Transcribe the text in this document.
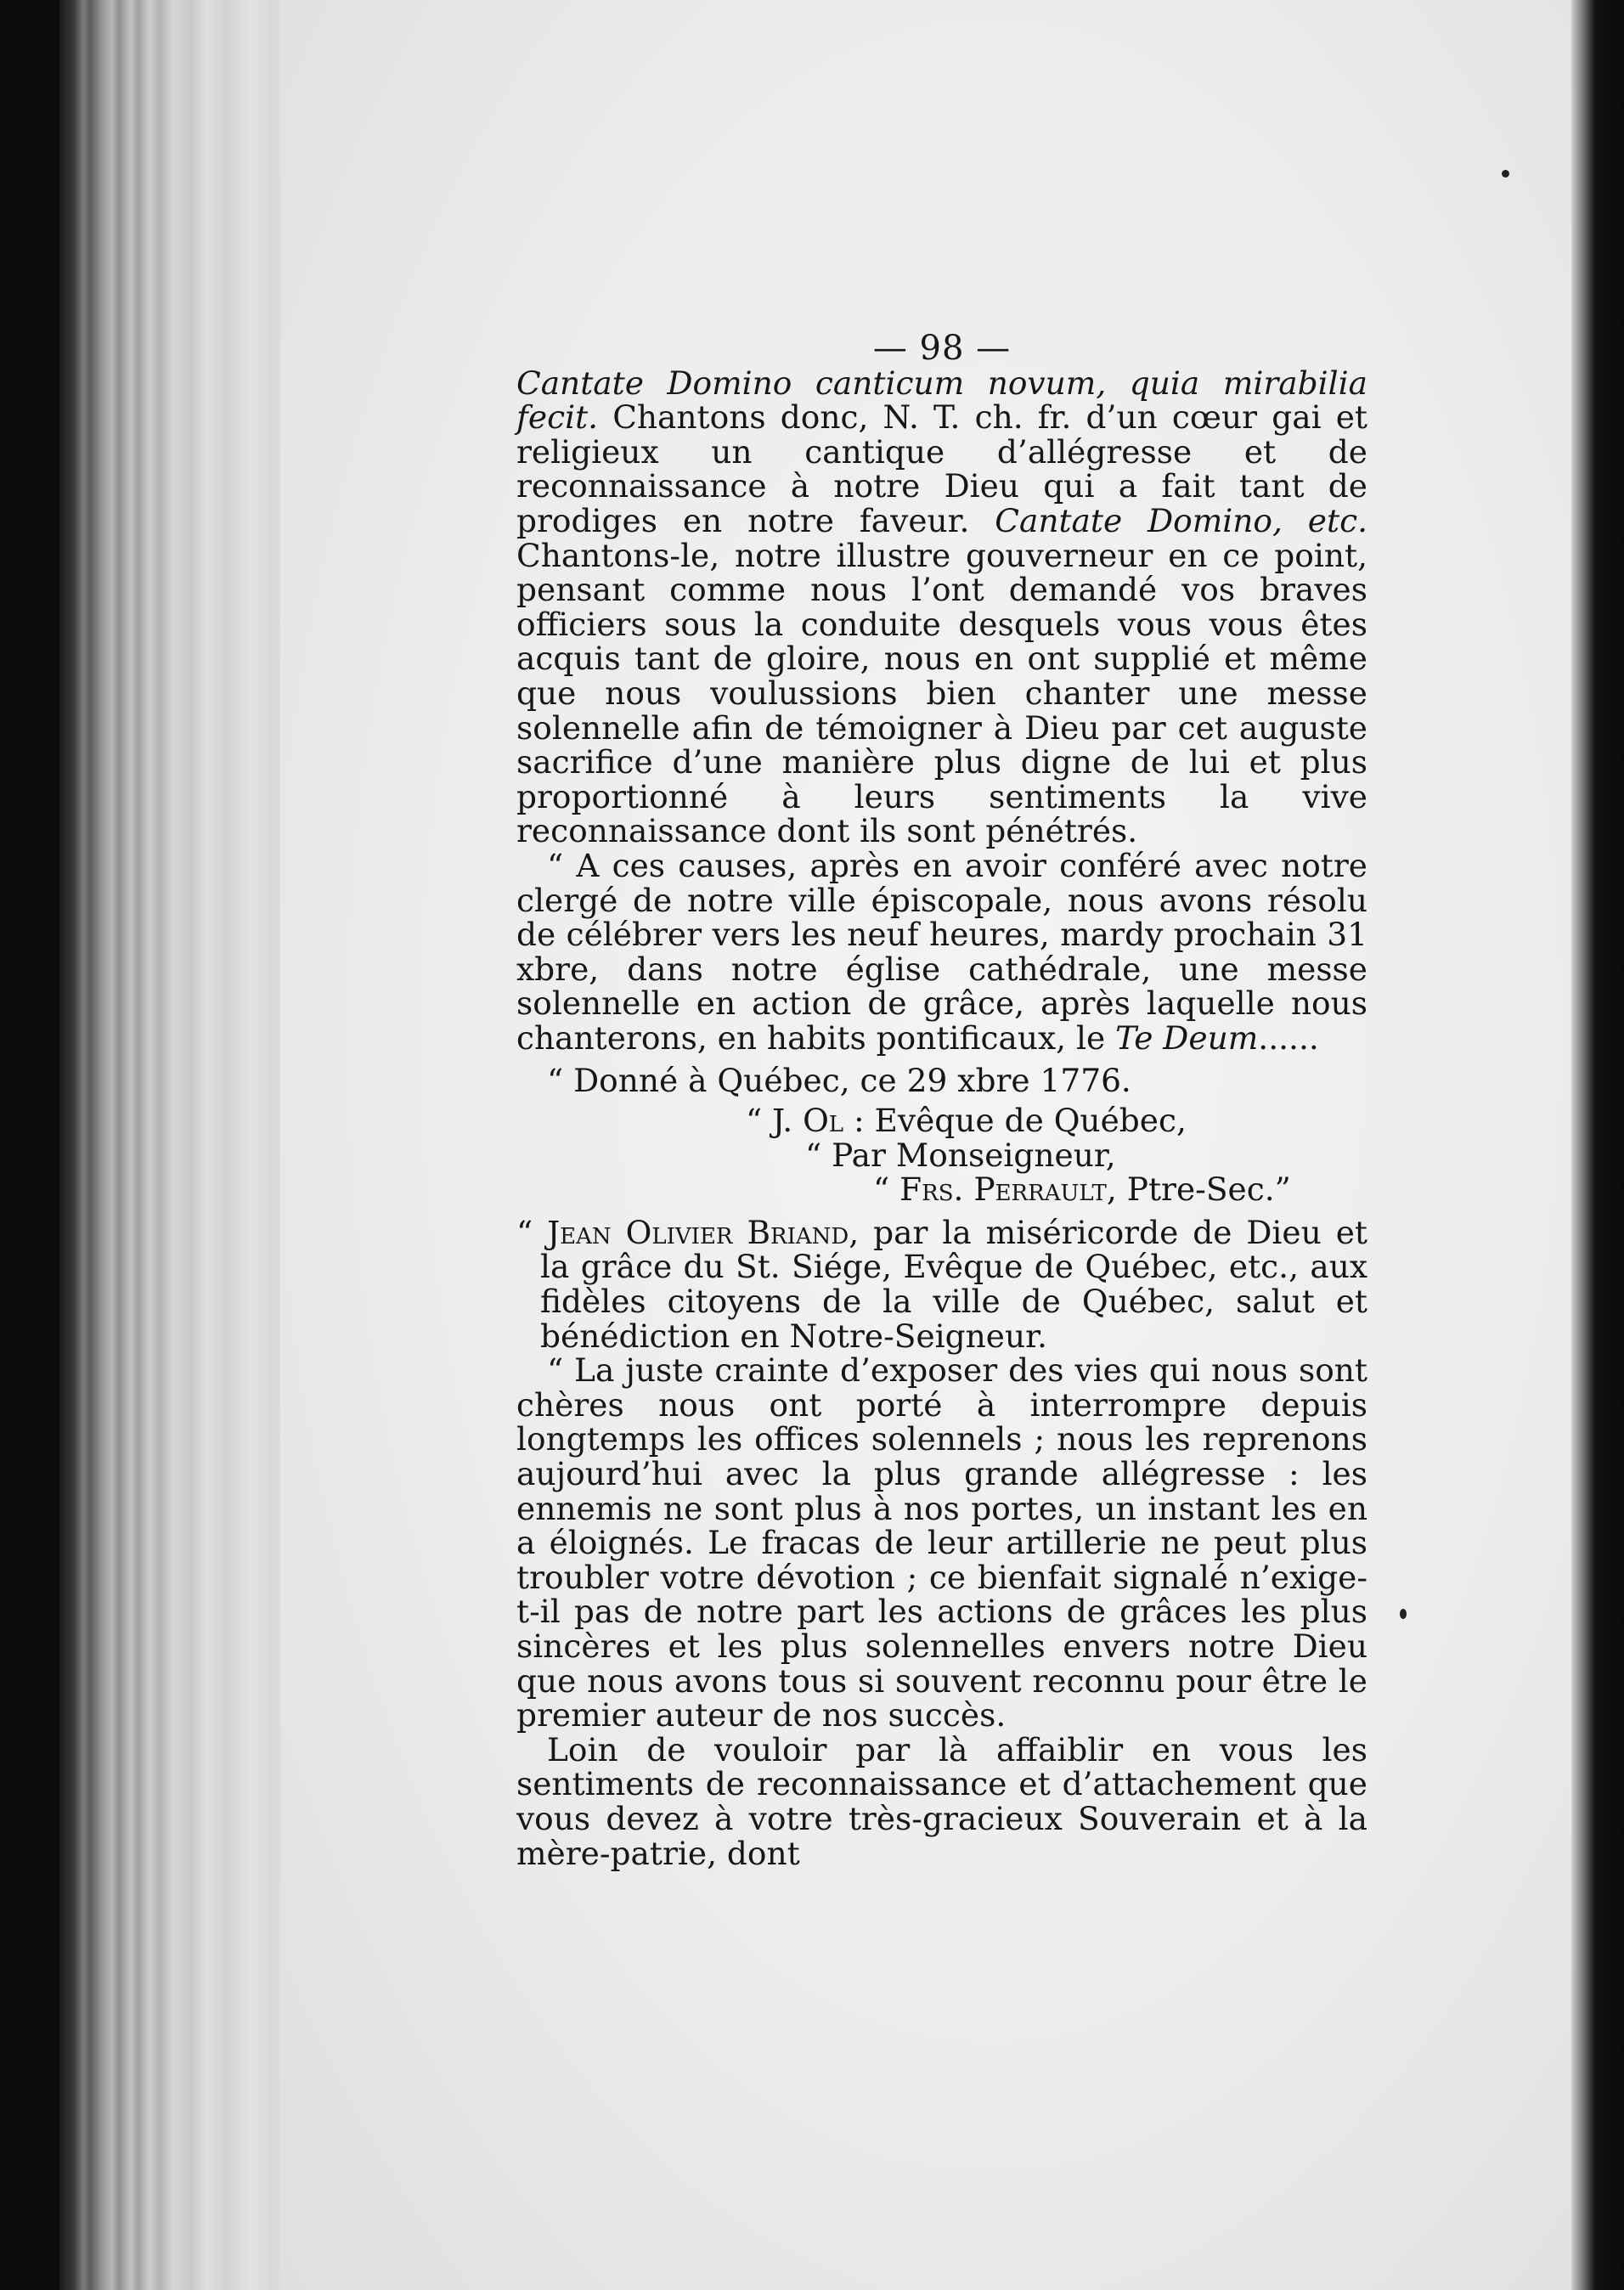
— 98 —

Cantate Domino canticum novum, quia mirabilia fecit. Chantons donc, N. T. ch. fr. d’un cœur gai et religieux un cantique d’allégresse et de reconnaissance à notre Dieu qui a fait tant de prodiges en notre faveur. Cantate Domino, etc. Chantons-le, notre illustre gouverneur en ce point, pensant comme nous l’ont demandé vos braves officiers sous la conduite desquels vous vous êtes acquis tant de gloire, nous en ont supplié et même que nous voulussions bien chanter une messe solennelle afin de témoigner à Dieu par cet auguste sacrifice d’une manière plus digne de lui et plus proportionné à leurs sentiments la vive reconnaissance dont ils sont pénétrés.

“ A ces causes, après en avoir conféré avec notre clergé de notre ville épiscopale, nous avons résolu de célébrer vers les neuf heures, mardy prochain 31 xbre, dans notre église cathédrale, une messe solennelle en action de grâce, après laquelle nous chanterons, en habits pontificaux, le Te Deum......

“ Donné à Québec, ce 29 xbre 1776.

“ J. Ol : Evêque de Québec,

“ Par Monseigneur,

“ Frs. Perrault, Ptre-Sec.”

“ Jean Olivier Briand, par la miséricorde de Dieu et la grâce du St. Siége, Evêque de Québec, etc., aux fidèles citoyens de la ville de Québec, salut et bénédiction en Notre-Seigneur.

“ La juste crainte d’exposer des vies qui nous sont chères nous ont porté à interrompre depuis longtemps les offices solennels ; nous les reprenons aujourd’hui avec la plus grande allégresse : les ennemis ne sont plus à nos portes, un instant les en a éloignés. Le fracas de leur artillerie ne peut plus troubler votre dévotion ; ce bienfait signalé n’exige-t-il pas de notre part les actions de grâces les plus sincères et les plus solennelles envers notre Dieu que nous avons tous si souvent reconnu pour être le premier auteur de nos succès.

Loin de vouloir par là affaiblir en vous les sentiments de reconnaissance et d’attachement que vous devez à votre très-gracieux Souverain et à la mère-patrie, dont
